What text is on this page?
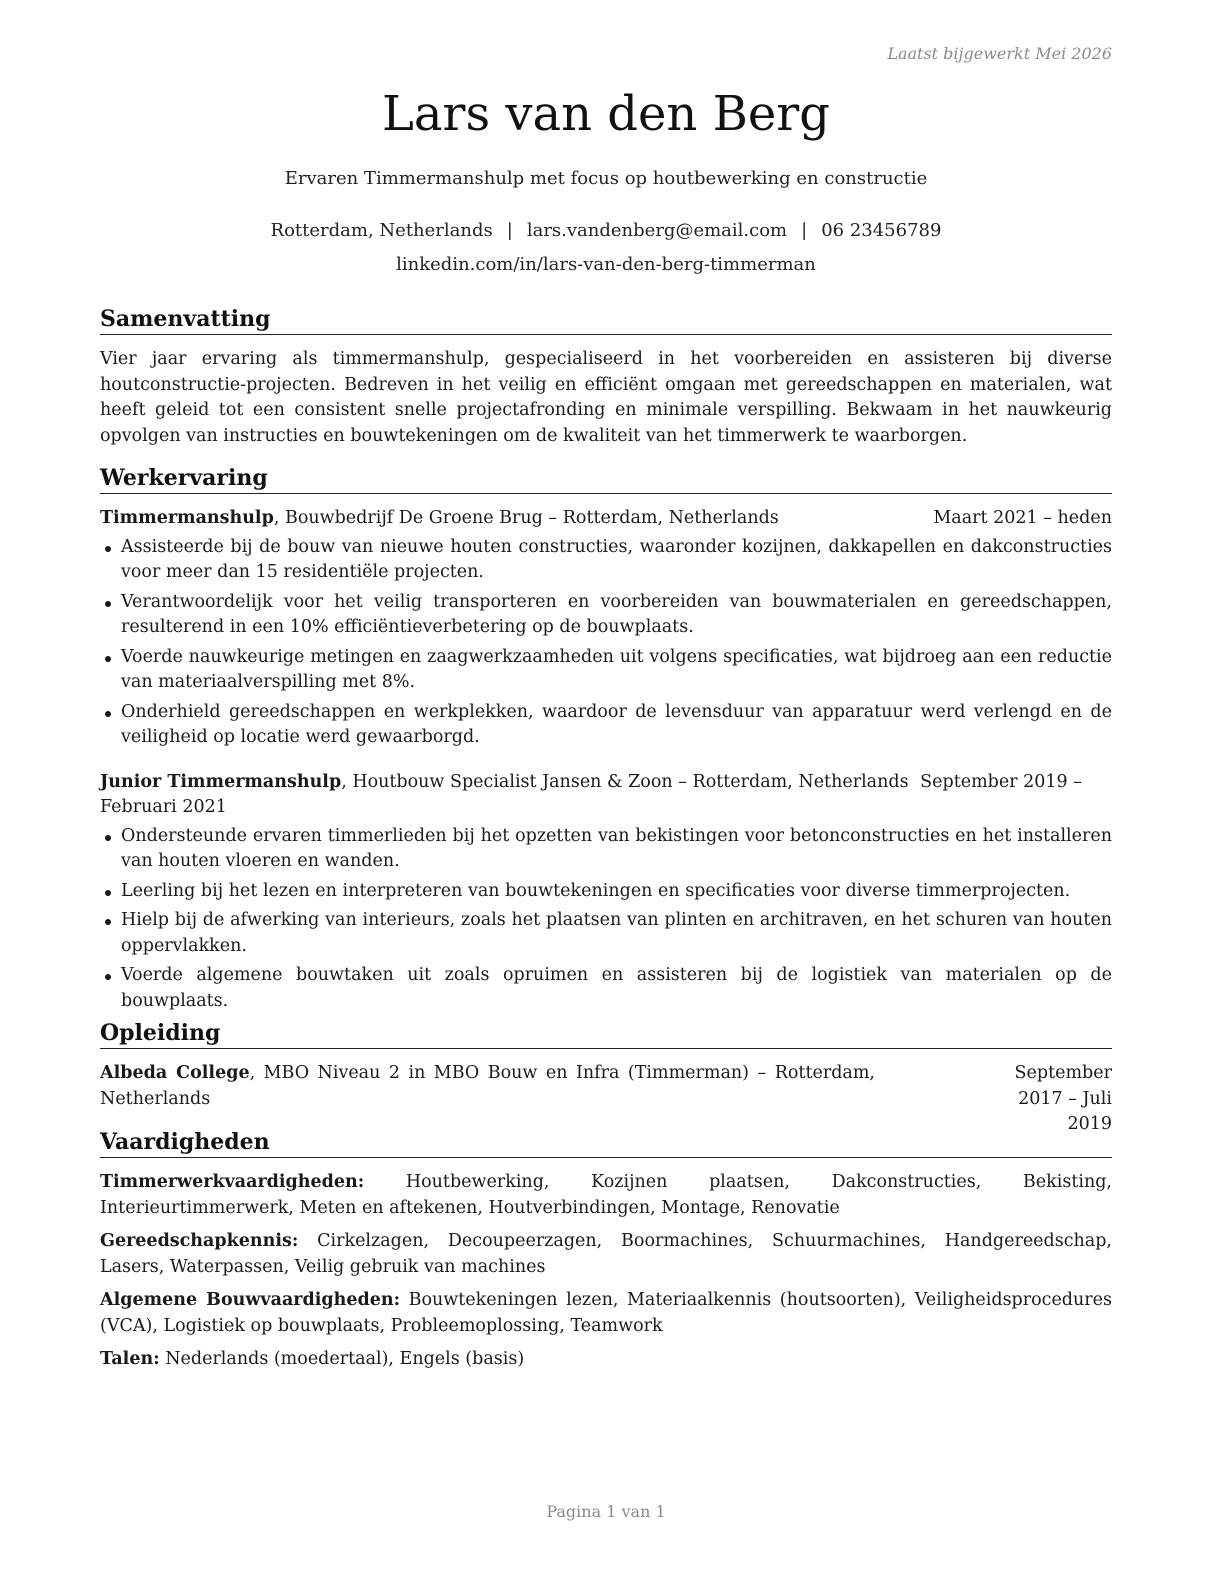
Laatst bijgewerkt Mei 2026
Lars van den Berg
Ervaren Timmermanshulp met focus op houtbewerking en constructie
Rotterdam, Netherlands | lars.vandenberg@email.com | 06 23456789
linkedin.com/in/lars-van-den-berg-timmerman
Samenvatting

Vier jaar ervaring als timmermanshulp, gespecialiseerd in het voorbereiden en assisteren bij diverse houtconstructie-projecten. Bedreven in het veilig en efficiënt omgaan met gereedschappen en materialen, wat heeft geleid tot een consistent snelle projectafronding en minimale verspilling. Bekwaam in het nauwkeurig opvolgen van instructies en bouwtekeningen om de kwaliteit van het timmerwerk te waarborgen.

Werkervaring
Timmermanshulp, Bouwbedrijf De Groene Brug – Rotterdam, Netherlands	Maart 2021 – heden
Assisteerde bij de bouw van nieuwe houten constructies, waaronder kozijnen, dakkapellen en dakconstructies voor meer dan 15 residentiële projecten.
Verantwoordelijk voor het veilig transporteren en voorbereiden van bouwmaterialen en gereedschappen, resulterend in een 10% efficiëntieverbetering op de bouwplaats.
Voerde nauwkeurige metingen en zaagwerkzaamheden uit volgens specificaties, wat bijdroeg aan een reductie van materiaalverspilling met 8%.
Onderhield gereedschappen en werkplekken, waardoor de levensduur van apparatuur werd verlengd en de veiligheid op locatie werd gewaarborgd.
Junior Timmermanshulp, Houtbouw Specialist Jansen & Zoon – Rotterdam, Netherlands September 2019 – Februari 2021
Ondersteunde ervaren timmerlieden bij het opzetten van bekistingen voor betonconstructies en het installeren van houten vloeren en wanden.
Leerling bij het lezen en interpreteren van bouwtekeningen en specificaties voor diverse timmerprojecten.
Hielp bij de afwerking van interieurs, zoals het plaatsen van plinten en architraven, en het schuren van houten oppervlakken.
Voerde algemene bouwtaken uit zoals opruimen en assisteren bij de logistiek van materialen op de bouwplaats.
Opleiding
Albeda College, MBO Niveau 2 in MBO Bouw en Infra (Timmerman) – Rotterdam, Netherlands
September 2017 – Juli 2019
Vaardigheden

Timmerwerkvaardigheden: Houtbewerking, Kozijnen plaatsen, Dakconstructies, Bekisting, Interieurtimmerwerk, Meten en aftekenen, Houtverbindingen, Montage, Renovatie

Gereedschapkennis: Cirkelzagen, Decoupeerzagen, Boormachines, Schuurmachines, Handgereedschap, Lasers, Waterpassen, Veilig gebruik van machines

Algemene Bouwvaardigheden: Bouwtekeningen lezen, Materiaalkennis (houtsoorten), Veiligheidsprocedures (VCA), Logistiek op bouwplaats, Probleemoplossing, Teamwork

Talen: Nederlands (moedertaal), Engels (basis)

Pagina 1 van 1
